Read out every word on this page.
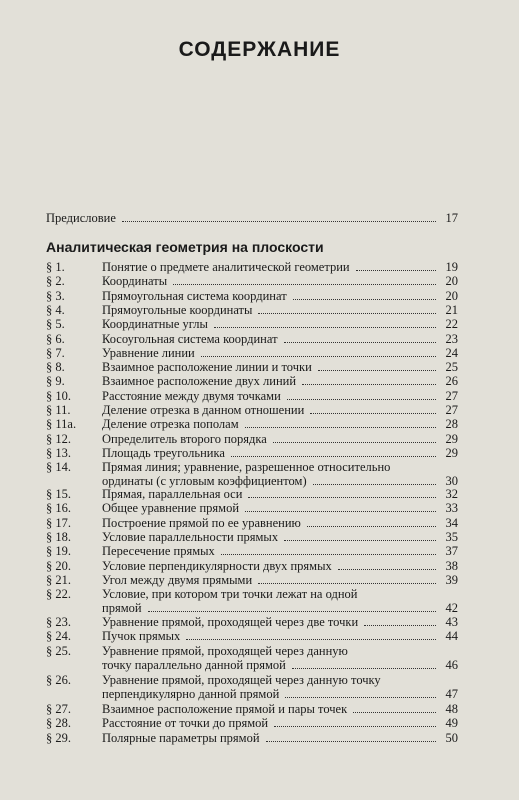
СОДЕРЖАНИЕ
Предисловие	17
Аналитическая геометрия на плоскости
§ 1.	Понятие о предмете аналитической геометрии	19
§ 2.	Координаты	20
§ 3.	Прямоугольная система координат	20
§ 4.	Прямоугольные координаты	21
§ 5.	Координатные углы	22
§ 6.	Косоугольная система координат	23
§ 7.	Уравнение линии	24
§ 8.	Взаимное расположение линии и точки	25
§ 9.	Взаимное расположение двух линий	26
§ 10.	Расстояние между двумя точками	27
§ 11.	Деление отрезка в данном отношении	27
§ 11а.	Деление отрезка пополам	28
§ 12.	Определитель второго порядка	29
§ 13.	Площадь треугольника	29
§ 14.	Прямая линия; уравнение, разрешенное относительно
ординаты (с угловым коэффициентом)	30
§ 15.	Прямая, параллельная оси	32
§ 16.	Общее уравнение прямой	33
§ 17.	Построение прямой по ее уравнению	34
§ 18.	Условие параллельности прямых	35
§ 19.	Пересечение прямых	37
§ 20.	Условие перпендикулярности двух прямых	38
§ 21.	Угол между двумя прямыми	39
§ 22.	Условие, при котором три точки лежат на одной
прямой	42
§ 23.	Уравнение прямой, проходящей через две точки	43
§ 24.	Пучок прямых	44
§ 25.	Уравнение прямой, проходящей через данную
точку параллельно данной прямой	46
§ 26.	Уравнение прямой, проходящей через данную точку
перпендикулярно данной прямой	47
§ 27.	Взаимное расположение прямой и пары точек	48
§ 28.	Расстояние от точки до прямой	49
§ 29.	Полярные параметры прямой	50
